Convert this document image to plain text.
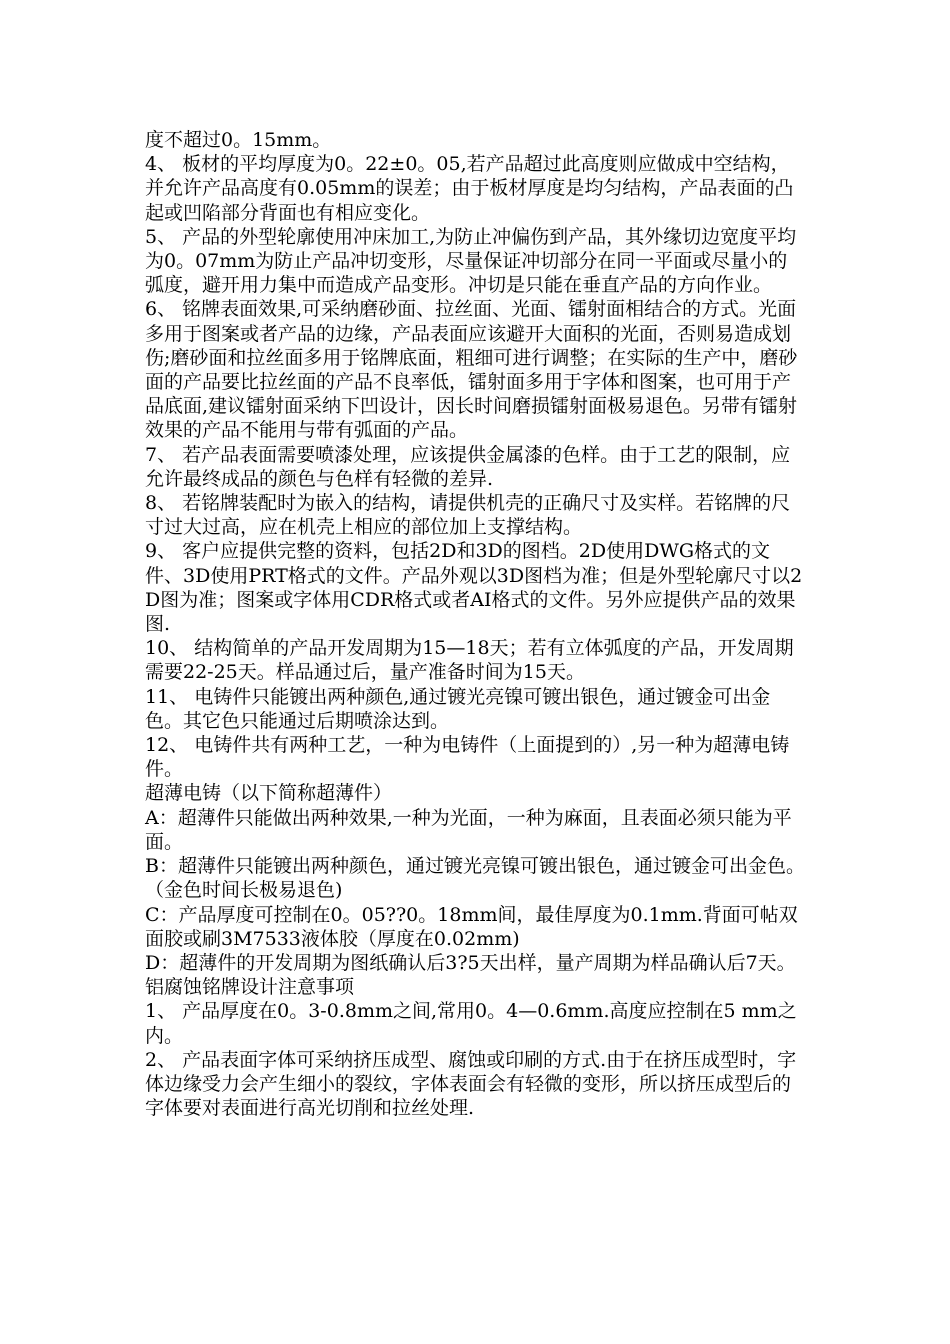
度不超过0。15mm。

4、 板材的平均厚度为0。22±0。05,若产品超过此高度则应做成中空结构，并允许产品高度有0.05mm的误差；由于板材厚度是均匀结构，产品表面的凸起或凹陷部分背面也有相应变化。

5、 产品的外型轮廓使用冲床加工,为防止冲偏伤到产品，其外缘切边宽度平均为0。07mm为防止产品冲切变形，尽量保证冲切部分在同一平面或尽量小的弧度，避开用力集中而造成产品变形。冲切是只能在垂直产品的方向作业。

6、 铭牌表面效果,可采纳磨砂面、拉丝面、光面、镭射面相结合的方式。光面多用于图案或者产品的边缘，产品表面应该避开大面积的光面，否则易造成划伤;磨砂面和拉丝面多用于铭牌底面，粗细可进行调整；在实际的生产中，磨砂面的产品要比拉丝面的产品不良率低，镭射面多用于字体和图案，也可用于产品底面,建议镭射面采纳下凹设计，因长时间磨损镭射面极易退色。另带有镭射效果的产品不能用与带有弧面的产品。

7、 若产品表面需要喷漆处理，应该提供金属漆的色样。由于工艺的限制，应允许最终成品的颜色与色样有轻微的差异.

8、 若铭牌装配时为嵌入的结构，请提供机壳的正确尺寸及实样。若铭牌的尺寸过大过高，应在机壳上相应的部位加上支撑结构。

9、 客户应提供完整的资料，包括2D和3D的图档。2D使用DWG格式的文件、3D使用PRT格式的文件。产品外观以3D图档为准；但是外型轮廓尺寸以2D图为准；图案或字体用CDR格式或者AI格式的文件。另外应提供产品的效果图.

10、 结构简单的产品开发周期为15—18天；若有立体弧度的产品，开发周期需要22-25天。样品通过后，量产准备时间为15天。

11、 电铸件只能镀出两种颜色,通过镀光亮镍可镀出银色，通过镀金可出金色。其它色只能通过后期喷涂达到。

12、 电铸件共有两种工艺，一种为电铸件（上面提到的）,另一种为超薄电铸件。

超薄电铸（以下简称超薄件）

A：超薄件只能做出两种效果,一种为光面，一种为麻面，且表面必须只能为平面。

B：超薄件只能镀出两种颜色，通过镀光亮镍可镀出银色，通过镀金可出金色。（金色时间长极易退色)

C：产品厚度可控制在0。05??0。18mm间，最佳厚度为0.1mm.背面可帖双面胶或刷3M7533液体胶（厚度在0.02mm)

D：超薄件的开发周期为图纸确认后3?5天出样，量产周期为样品确认后7天。

铝腐蚀铭牌设计注意事项

1、 产品厚度在0。3-0.8mm之间,常用0。4—0.6mm.高度应控制在5 mm之内。

2、 产品表面字体可采纳挤压成型、腐蚀或印刷的方式.由于在挤压成型时，字体边缘受力会产生细小的裂纹，字体表面会有轻微的变形，所以挤压成型后的字体要对表面进行高光切削和拉丝处理.
